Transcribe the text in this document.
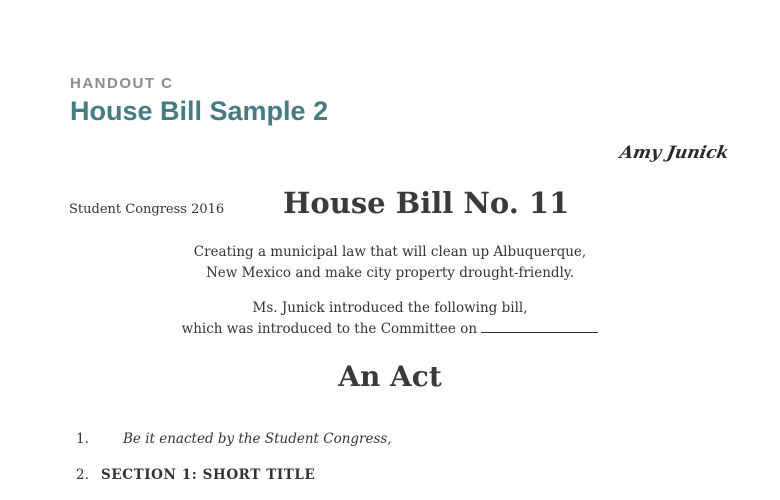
HANDOUT C
House Bill Sample 2
Amy Junick
Student Congress 2016 House Bill No. 11
Creating a municipal law that will clean up Albuquerque,
New Mexico and make city property drought-friendly.
Ms. Junick introduced the following bill,
which was introduced to the Committee on
An Act
1.	Be it enacted by the Student Congress,
2. SECTION 1: SHORT TITLE
